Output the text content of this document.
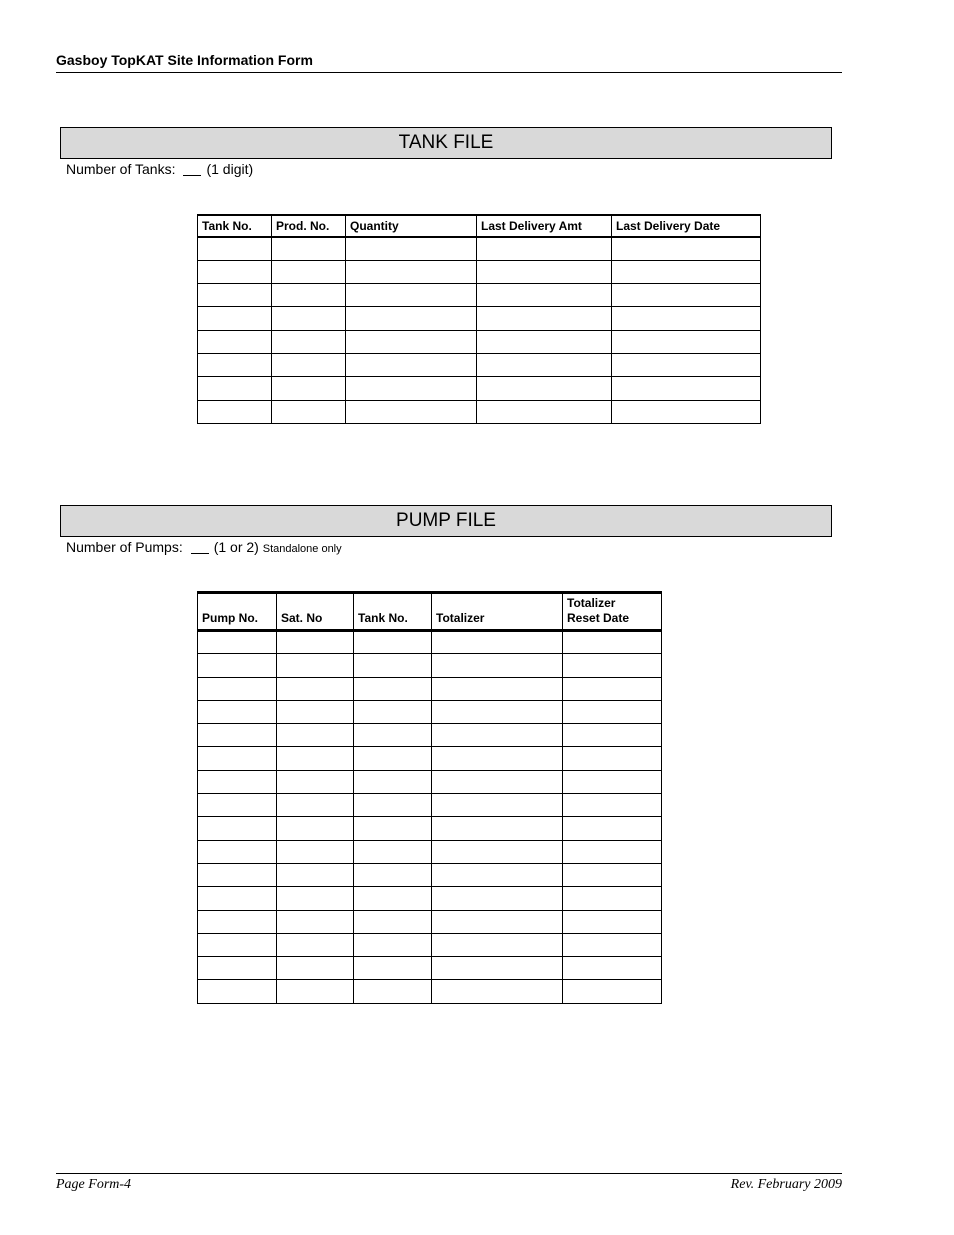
Gasboy TopKAT Site Information Form
TANK FILE
Number of Tanks: (1 digit)
Tank No.	Prod. No.	Quantity	Last Delivery Amt	Last Delivery Date

PUMP FILE
Number of Pumps: (1 or 2) Standalone only
Pump No.	Sat. No	Tank No.	Totalizer	Totalizer
Reset Date

Page Form-4	Rev. February 2009
